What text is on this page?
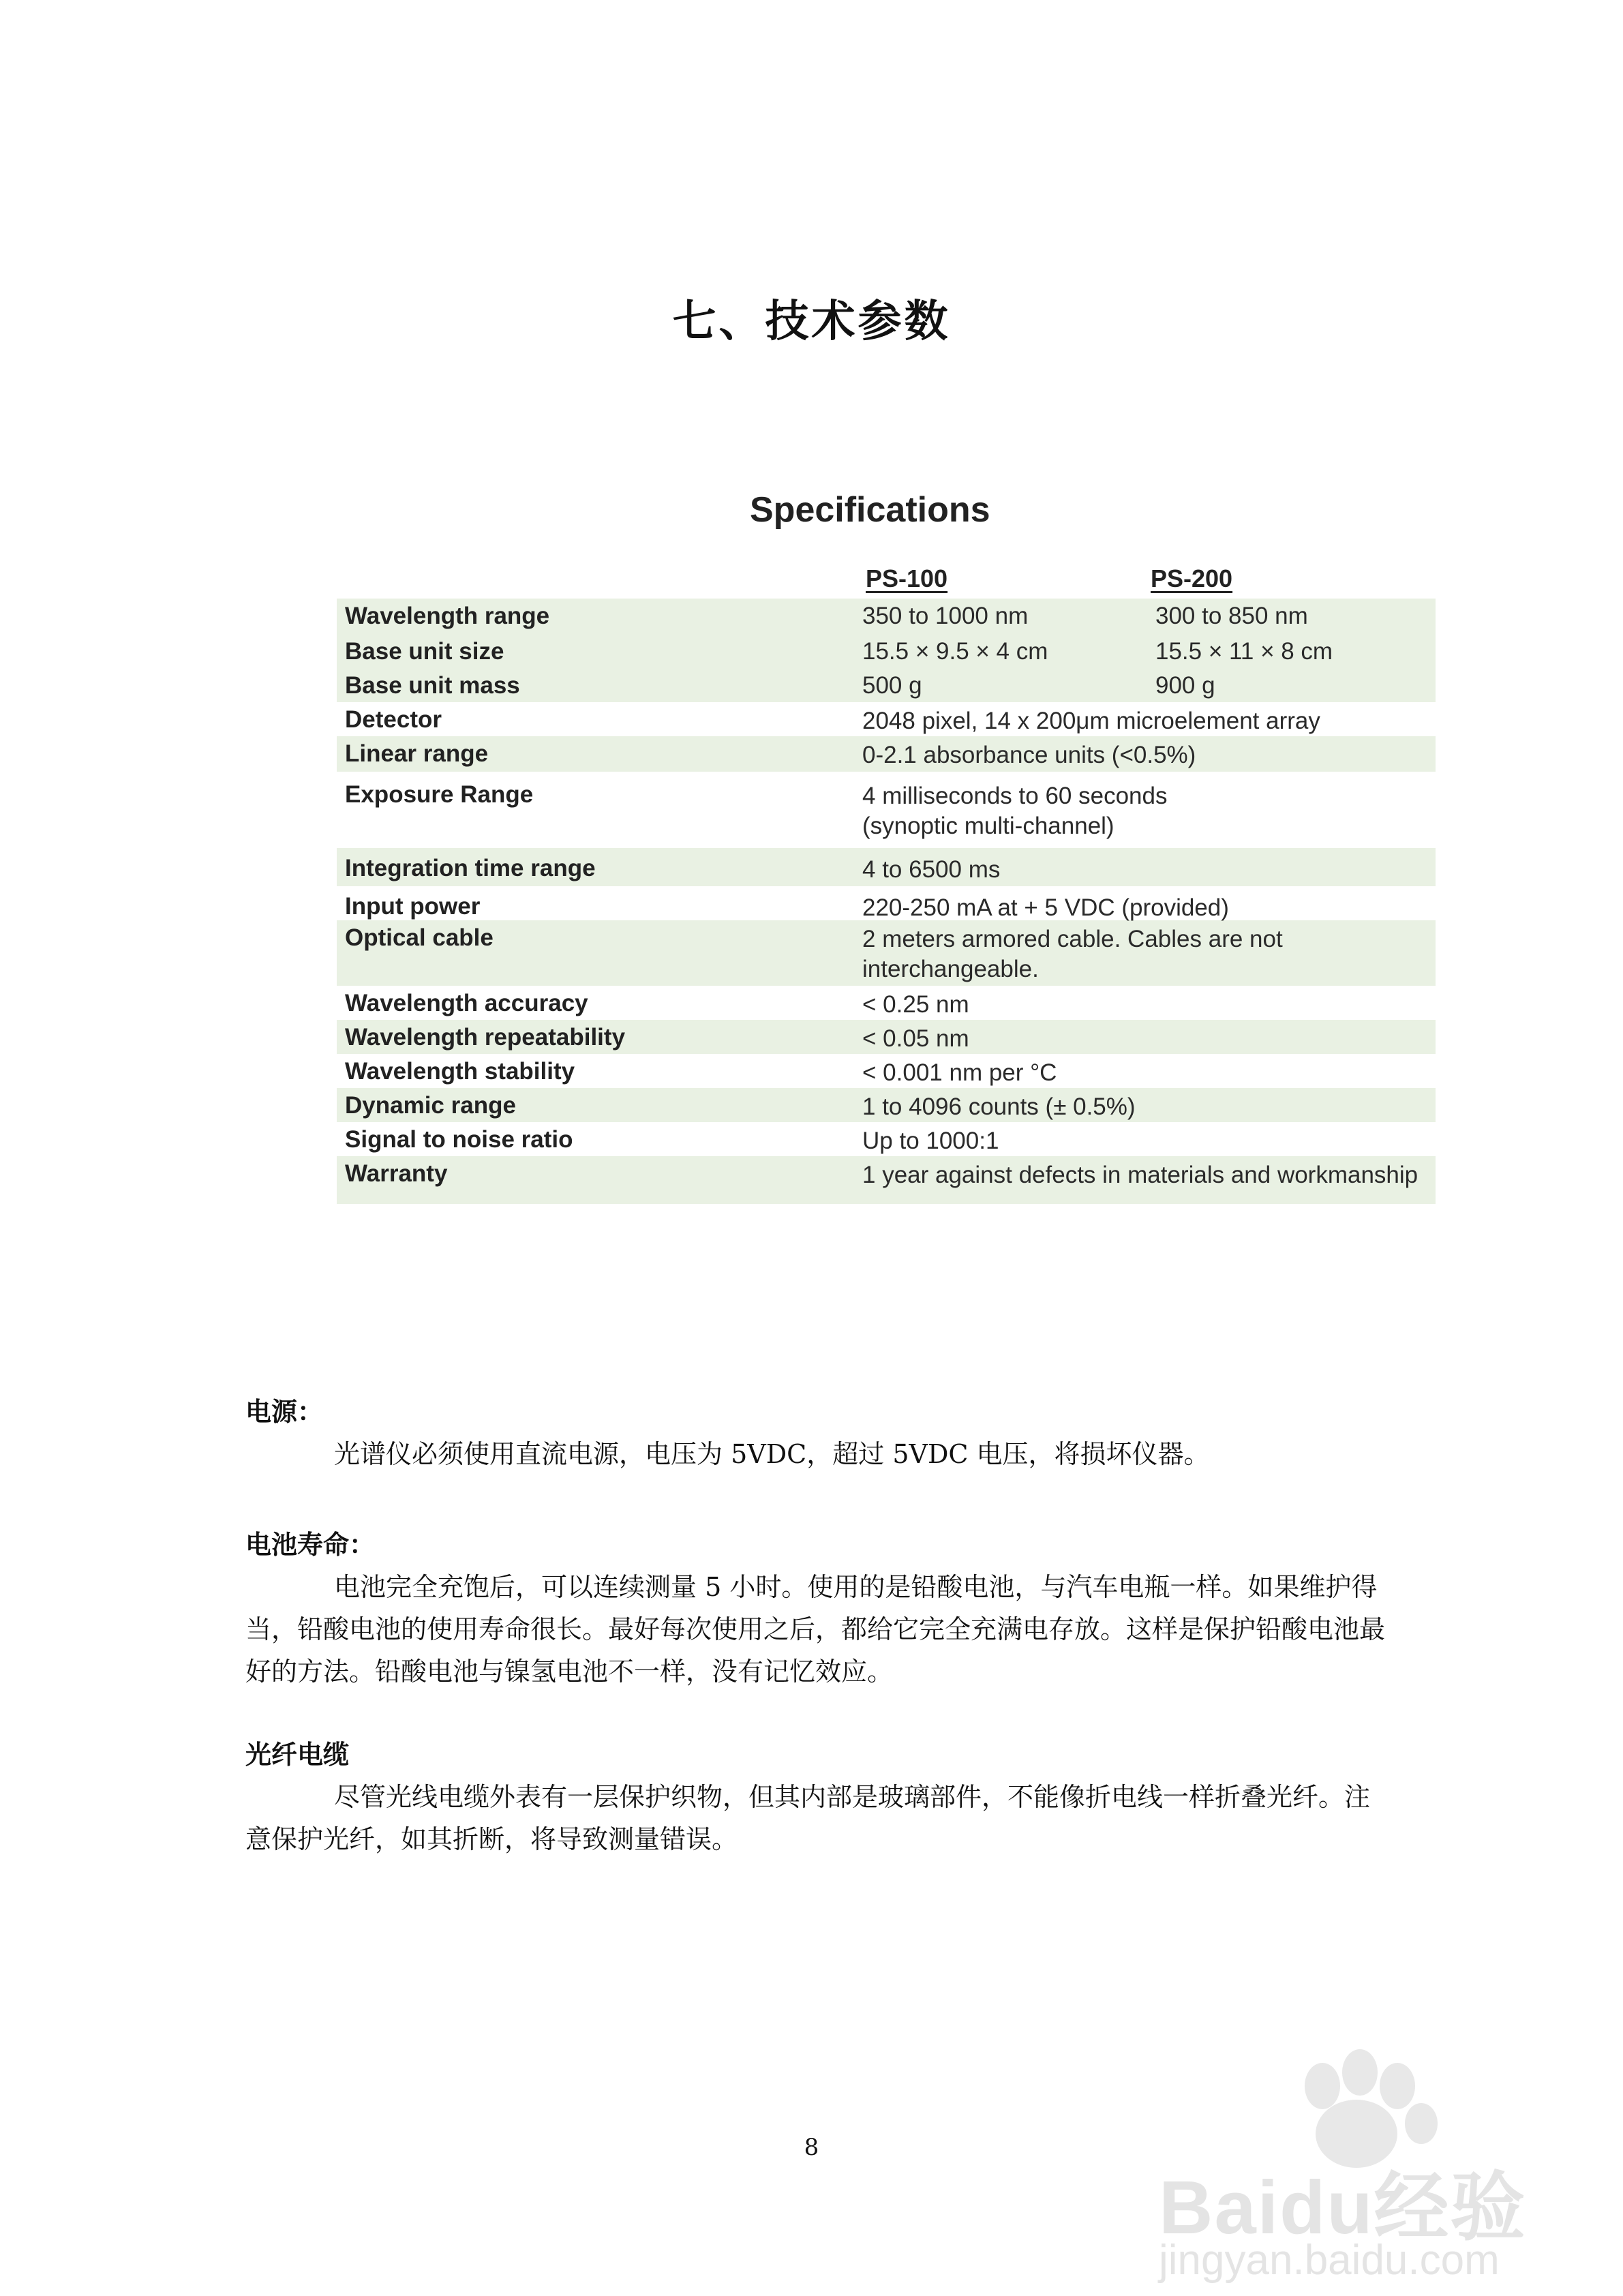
七、技术参数
Specifications
PS-100	PS-200
Wavelength range	350 to 1000 nm	300 to 850 nm
Base unit size	15.5 × 9.5 × 4 cm	15.5 × 11 × 8 cm
Base unit mass	500 g	900 g
Detector	2048 pixel, 14 x 200μm microelement array
Linear range	0-2.1 absorbance units (<0.5%)
Exposure Range	4 milliseconds to 60 seconds
(synoptic multi-channel)
Integration time range	4 to 6500 ms
Input power	220-250 mA at + 5 VDC (provided)
Optical cable	2 meters armored cable. Cables are not
interchangeable.
Wavelength accuracy	< 0.25 nm
Wavelength repeatability	< 0.05 nm
Wavelength stability	< 0.001 nm per °C
Dynamic range	1 to 4096 counts (± 0.5%)
Signal to noise ratio	Up to 1000:1
Warranty	1 year against defects in materials and workmanship
电源：
光谱仪必须使用直流电源，电压为 5VDC，超过 5VDC 电压，将损坏仪器。
电池寿命：
电池完全充饱后，可以连续测量 5 小时。使用的是铅酸电池，与汽车电瓶一样。如果维护得当，铅酸电池的使用寿命很长。最好每次使用之后，都给它完全充满电存放。这样是保护铅酸电池最好的方法。铅酸电池与镍氢电池不一样，没有记忆效应。
光纤电缆
尽管光线电缆外表有一层保护织物，但其内部是玻璃部件，不能像折电线一样折叠光纤。注意保护光纤，如其折断，将导致测量错误。
8
Baidu经验
jingyan.baidu.com
